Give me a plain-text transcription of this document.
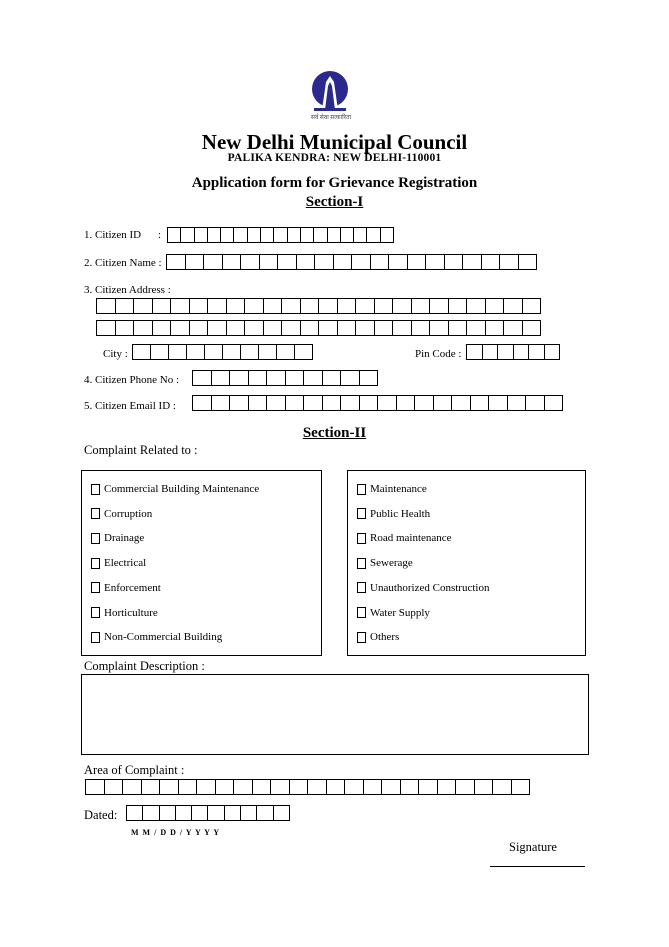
सर्व सेवा सत्कारिता
New Delhi Municipal Council
PALIKA KENDRA: NEW DELHI-110001
Application form for Grievance Registration
Section-I
1. Citizen ID :
2. Citizen Name :
3. Citizen Address :
City :	Pin Code :
4. Citizen Phone No :
5. Citizen Email ID :
Section-II
Complaint Related to :
Commercial Building Maintenance
Corruption
Drainage
Electrical
Enforcement
Horticulture
Non-Commercial Building
Maintenance
Public Health
Road maintenance
Sewerage
Unauthorized Construction
Water Supply
Others
Complaint Description :
Area of Complaint :
Dated:
M  M  /  D  D  /  Y  Y  Y  Y
Signature
